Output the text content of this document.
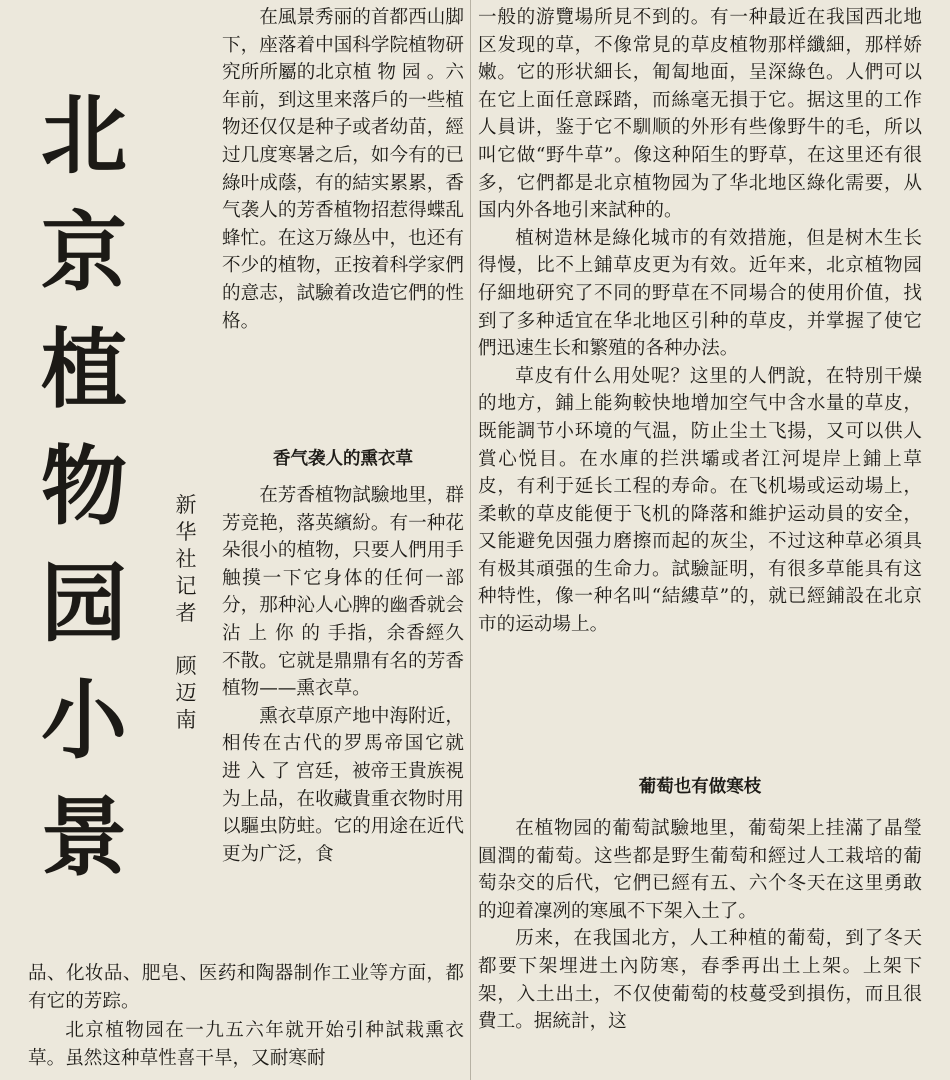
北
京
植
物
园
小
景
新
华
社
记
者
顾
迈
南

在風景秀丽的首都西山脚下，座落着中国科学院植物研究所所屬的北京植 物 园 。六年前，到这里来落戶的一些植物还仅仅是种子或者幼苗，經过几度寒暑之后，如今有的已綠叶成蔭，有的結实累累，香气袭人的芳香植物招惹得蝶乱蜂忙。在这万綠丛中，也还有不少的植物，正按着科学家們的意志，試驗着改造它們的性格。

香气袭人的熏衣草

在芳香植物試驗地里，群芳竞艳，落英繽紛。有一种花朵很小的植物，只要人們用手触摸一下它身体的任何一部分，那种沁人心脾的幽香就会沾 上 你 的 手指，余香經久不散。它就是鼎鼎有名的芳香植物——熏衣草。

熏衣草原产地中海附近，相传在古代的罗馬帝国它就 进 入 了 宫廷，被帝王貴族視为上品，在收藏貴重衣物时用以驅虫防蛀。它的用途在近代更为广泛，食

品、化妆品、肥皂、医药和陶器制作工业等方面，都有它的芳踪。

北京植物园在一九五六年就开始引种試栽熏衣草。虽然这种草性喜干旱，又耐寒耐

一般的游覽場所見不到的。有一种最近在我国西北地区发现的草，不像常見的草皮植物那样纖細，那样娇嫩。它的形状細长，匍匐地面，呈深綠色。人們可以在它上面任意踩踏，而絲毫无損于它。据这里的工作人員讲，鉴于它不馴顺的外形有些像野牛的毛，所以叫它做“野牛草”。像这种陌生的野草，在这里还有很多，它們都是北京植物园为了华北地区綠化需要，从国内外各地引来試种的。

植树造林是綠化城市的有效措施，但是树木生长得慢，比不上鋪草皮更为有效。近年来，北京植物园仔細地研究了不同的野草在不同場合的使用价值，找到了多种适宜在华北地区引种的草皮，并掌握了使它們迅速生长和繁殖的各种办法。

草皮有什么用处呢？这里的人們說，在特別干燥的地方，鋪上能夠較快地增加空气中含水量的草皮，既能調节小环境的气温，防止尘土飞揚，又可以供人賞心悦目。在水庫的拦洪壩或者江河堤岸上鋪上草皮，有利于延长工程的寿命。在飞机場或运动場上，柔軟的草皮能便于飞机的降落和維护运动員的安全，又能避免因强力磨擦而起的灰尘，不过这种草必須具有极其頑强的生命力。試驗証明，有很多草能具有这种特性，像一种名叫“結縷草”的，就已經鋪設在北京市的运动場上。

葡萄也有做寒枝

在植物园的葡萄試驗地里，葡萄架上挂滿了晶瑩圓潤的葡萄。这些都是野生葡萄和經过人工栽培的葡萄杂交的后代，它們已經有五、六个冬天在这里勇敢的迎着凜冽的寒風不下架入土了。

历来，在我国北方，人工种植的葡萄，到了冬天都要下架埋进土內防寒，春季再出土上架。上架下架，入土出土，不仅使葡萄的枝蔓受到損伤，而且很費工。据統計，这
